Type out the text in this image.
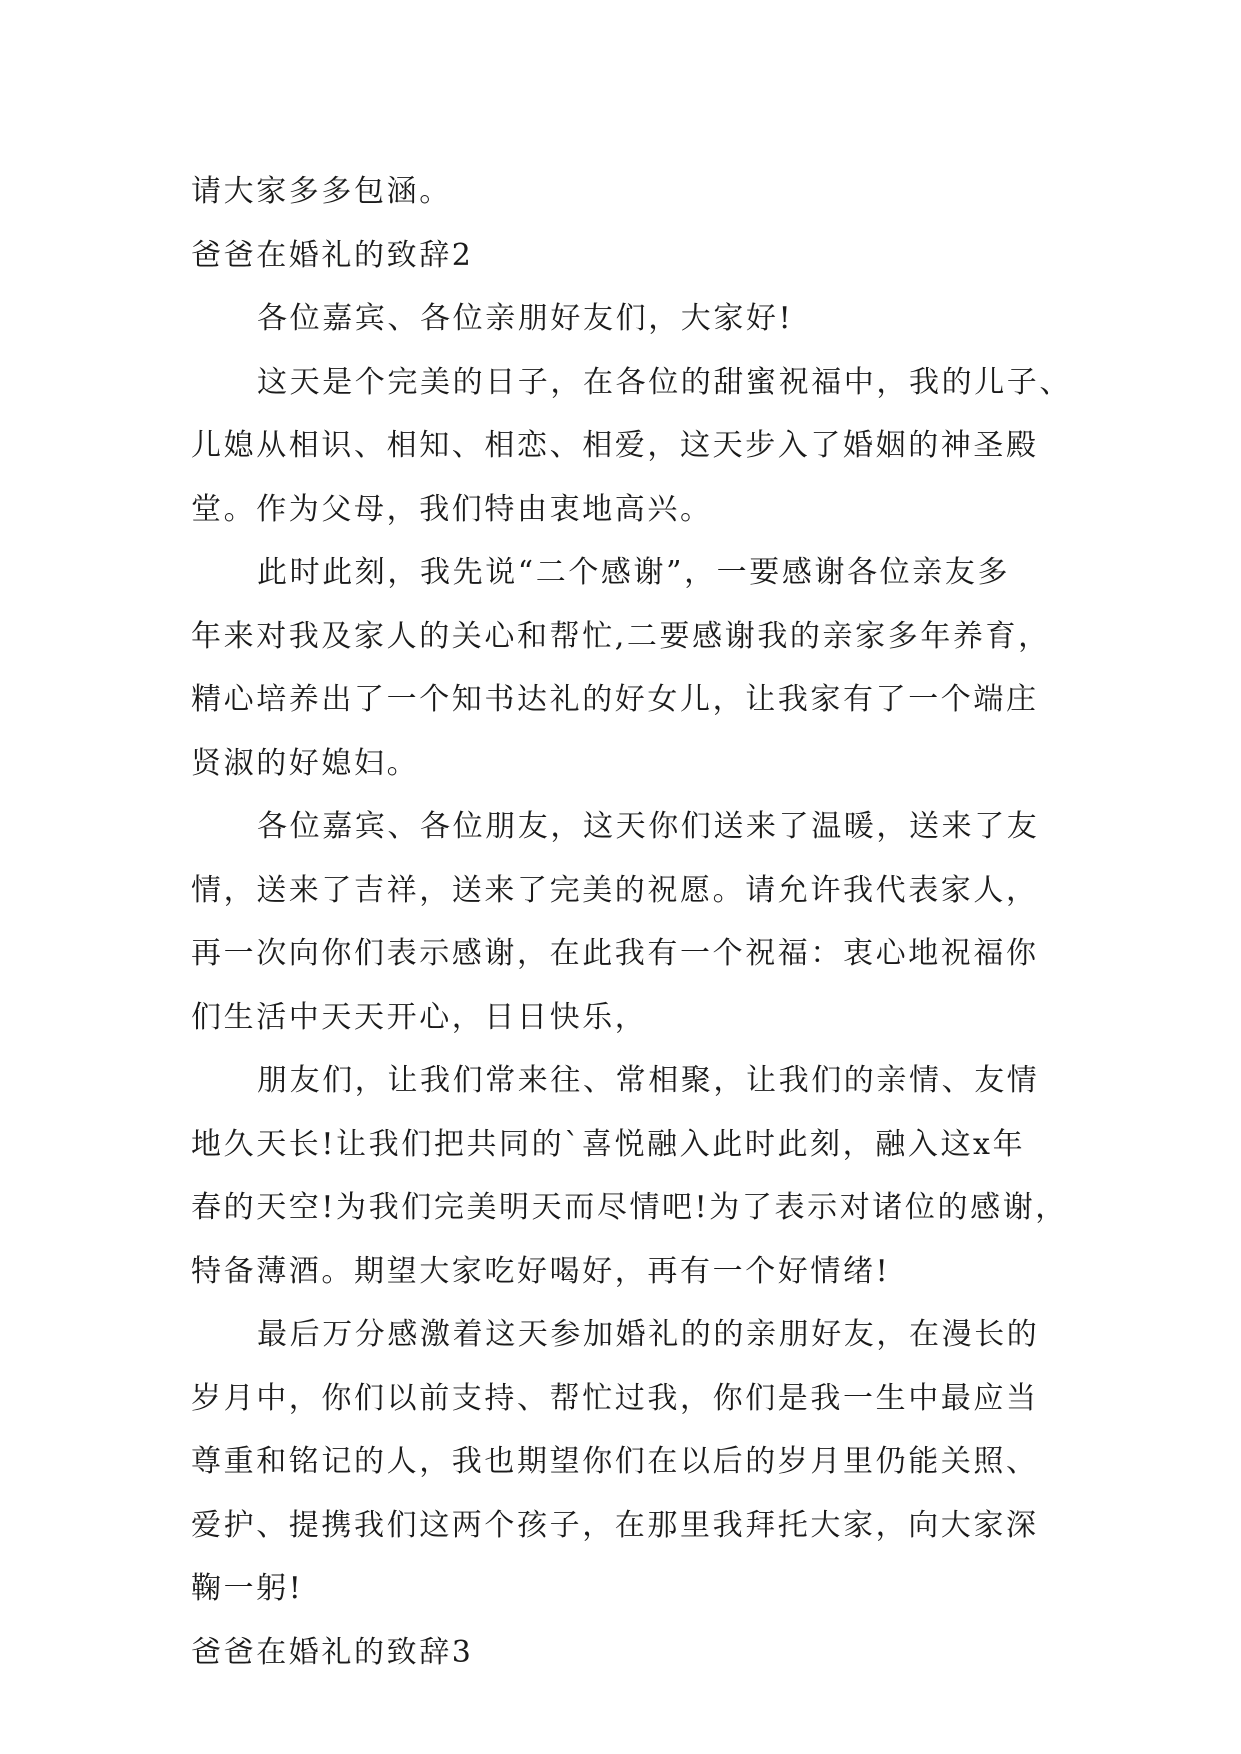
请大家多多包涵。
爸爸在婚礼的致辞2
各位嘉宾、各位亲朋好友们，大家好!
这天是个完美的日子，在各位的甜蜜祝福中，我的儿子、
儿媳从相识、相知、相恋、相爱，这天步入了婚姻的神圣殿
堂。作为父母，我们特由衷地高兴。
此时此刻，我先说“二个感谢”，一要感谢各位亲友多
年来对我及家人的关心和帮忙,二要感谢我的亲家多年养育，
精心培养出了一个知书达礼的好女儿，让我家有了一个端庄
贤淑的好媳妇。
各位嘉宾、各位朋友，这天你们送来了温暖，送来了友
情，送来了吉祥，送来了完美的祝愿。请允许我代表家人，
再一次向你们表示感谢，在此我有一个祝福：衷心地祝福你
们生活中天天开心，日日快乐，
朋友们，让我们常来往、常相聚，让我们的亲情、友情
地久天长!让我们把共同的`喜悦融入此时此刻，融入这x年
春的天空!为我们完美明天而尽情吧!为了表示对诸位的感谢，
特备薄酒。期望大家吃好喝好，再有一个好情绪!
最后万分感激着这天参加婚礼的的亲朋好友，在漫长的
岁月中，你们以前支持、帮忙过我，你们是我一生中最应当
尊重和铭记的人，我也期望你们在以后的岁月里仍能关照、
爱护、提携我们这两个孩子，在那里我拜托大家，向大家深
鞠一躬!
爸爸在婚礼的致辞3
